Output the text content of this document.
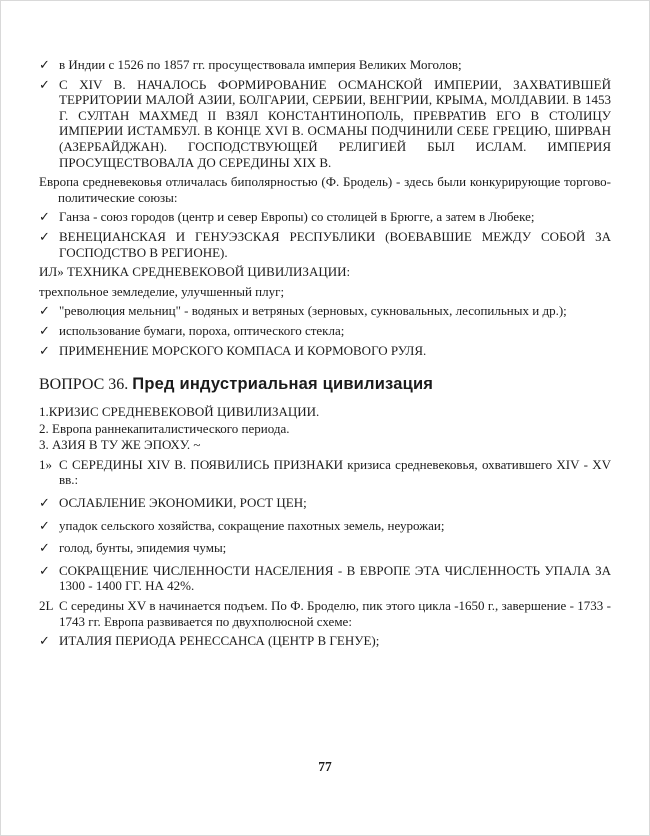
✓ в Индии с 1526 по 1857 гг. просуществовала империя Великих Моголов;
✓ С XIV В. НАЧАЛОСЬ ФОРМИРОВАНИЕ ОСМАНСКОЙ ИМПЕРИИ, ЗАХВАТИВШЕЙ ТЕРРИТОРИИ МАЛОЙ АЗИИ, БОЛГАРИИ, СЕРБИИ, ВЕНГРИИ, КРЫМА, МОЛДАВИИ. В 1453 Г. СУЛТАН МАХМЕД II ВЗЯЛ КОНСТАНТИНОПОЛЬ, ПРЕВРАТИВ ЕГО В СТОЛИЦУ ИМПЕРИИ ИСТАМБУЛ. В КОНЦЕ XVI В. ОСМАНЫ ПОДЧИНИЛИ СЕБЕ ГРЕЦИЮ, ШИРВАН (АЗЕРБАЙДЖАН). ГОСПОДСТВУЮЩЕЙ РЕЛИГИЕЙ БЫЛ ИСЛАМ. ИМПЕРИЯ ПРОСУЩЕСТВОВАЛА ДО СЕРЕДИНЫ XIX В.
Европа средневековья отличалась биполярностью (Ф. Бродель) - здесь были конкурирующие торгово-политические союзы:
✓ Ганза - союз городов (центр и север Европы) со столицей в Брюгге, а затем в Любеке;
✓ ВЕНЕЦИАНСКАЯ И ГЕНУЭЗСКАЯ РЕСПУБЛИКИ (ВОЕВАВШИЕ МЕЖДУ СОБОЙ ЗА ГОСПОДСТВО В РЕГИОНЕ).
ИЛ» ТЕХНИКА СРЕДНЕВЕКОВОЙ ЦИВИЛИЗАЦИИ:
трехпольное земледелие, улучшенный плуг;
✓ "революция мельниц" - водяных и ветряных (зерновых, сукновальных, лесопильных и др.);
✓ использование бумаги, пороха, оптического стекла;
✓ ПРИМЕНЕНИЕ МОРСКОГО КОМПАСА И КОРМОВОГО РУЛЯ.
ВОПРОС 36. Пред индустриальная цивилизация
1.КРИЗИС СРЕДНЕВЕКОВОЙ ЦИВИЛИЗАЦИИ.
2. Европа раннекапиталистического периода.
3. АЗИЯ В ТУ ЖЕ ЭПОХУ. ~
1» С СЕРЕДИНЫ XIV В. ПОЯВИЛИСЬ ПРИЗНАКИ кризиса средневековья, охватившего XIV - XV вв.:
✓ ОСЛАБЛЕНИЕ ЭКОНОМИКИ, РОСТ ЦЕН;
✓ упадок сельского хозяйства, сокращение пахотных земель, неурожаи;
✓ голод, бунты, эпидемия чумы;
✓ СОКРАЩЕНИЕ ЧИСЛЕННОСТИ НАСЕЛЕНИЯ - В ЕВРОПЕ ЭТА ЧИСЛЕННОСТЬ УПАЛА ЗА 1300 - 1400 ГГ. НА 42%.
2L С середины XV в начинается подъем. По Ф. Броделю, пик этого цикла -1650 г., завершение - 1733 - 1743 гг. Европа развивается по двухполюсной схеме:
✓ ИТАЛИЯ ПЕРИОДА РЕНЕССАНСА (ЦЕНТР В ГЕНУЕ);
77
